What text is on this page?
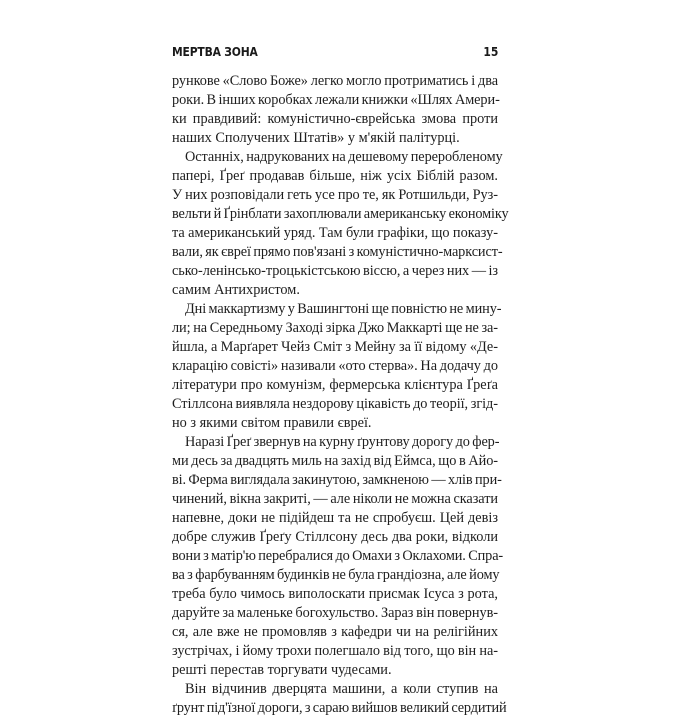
МЕРТВА ЗОНА	15
рункове «Слово Боже» легко могло протриматись і два
роки. В інших коробках лежали книжки «Шлях Амери-
ки правдивий: комуністично-єврейська змова проти
наших Сполучених Штатів» у м'якій палітурці.
Останніх, надрукованих на дешевому переробленому
папері, Ґреґ продавав більше, ніж усіх Біблій разом.
У них розповідали геть усе про те, як Ротшильди, Руз-
вельти й Ґрінблати захоплювали американську економіку
та американський уряд. Там були графіки, що показу-
вали, як євреї прямо пов'язані з комуністично-марксист-
сько-ленінсько-троцькістською віссю, а через них — із
самим Антихристом.
Дні маккартизму у Вашингтоні ще повністю не мину-
ли; на Середньому Заході зірка Джо Маккарті ще не за-
йшла, а Марґарет Чейз Сміт з Мейну за її відому «Де-
кларацію совісті» називали «ото стерва». На додачу до
літератури про комунізм, фермерська клієнтура Ґреґа
Стіллсона виявляла нездорову цікавість до теорії, згід-
но з якими світом правили євреї.
Наразі Ґреґ звернув на курну ґрунтову дорогу до фер-
ми десь за двадцять миль на захід від Еймса, що в Айо-
ві. Ферма виглядала закинутою, замкненою — хлів при-
чинений, вікна закриті, — але ніколи не можна сказати
напевне, доки не підійдеш та не спробуєш. Цей девіз
добре служив Ґреґу Стіллсону десь два роки, відколи
вони з матір'ю перебралися до Омахи з Оклахоми. Спра-
ва з фарбуванням будинків не була грандіозна, але йому
треба було чимось виполоскати присмак Ісуса з рота,
даруйте за маленьке богохульство. Зараз він повернув-
ся, але вже не промовляв з кафедри чи на релігійних
зустрічах, і йому трохи полегшало від того, що він на-
решті перестав торгувати чудесами.
Він відчинив дверцята машини, а коли ступив на
ґрунт під'їзної дороги, з сараю вийшов великий сердитий
